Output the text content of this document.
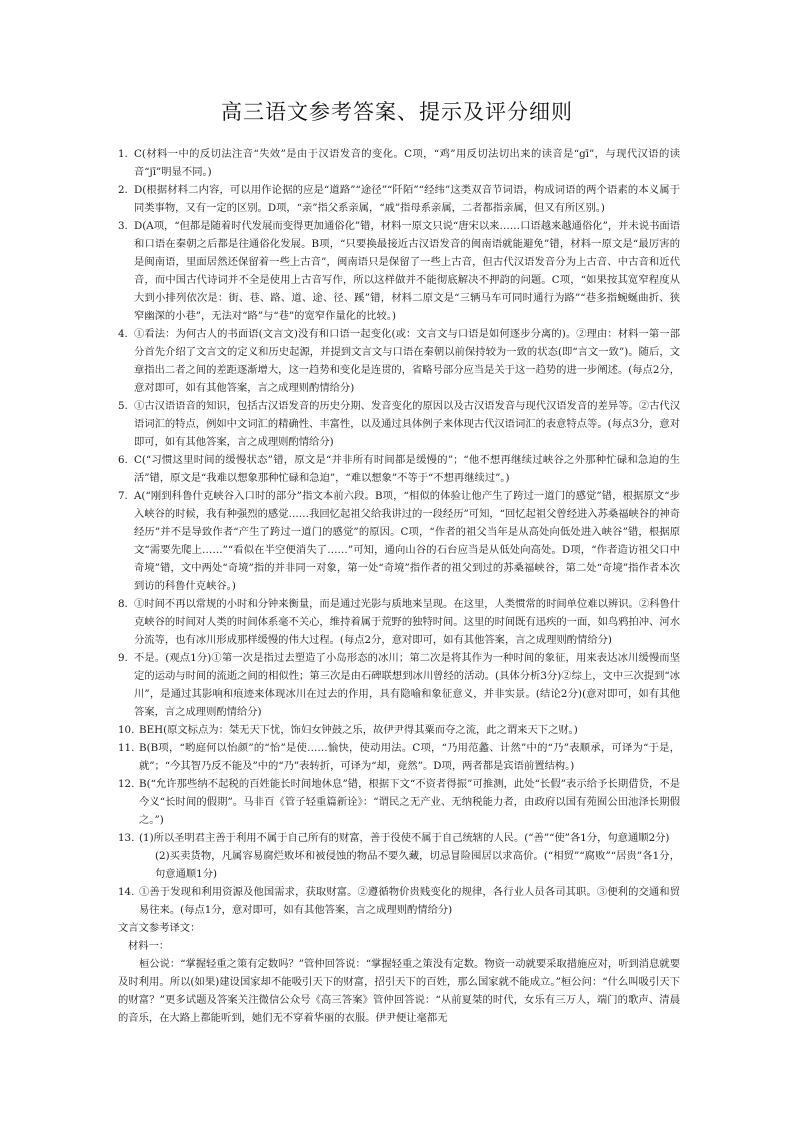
高三语文参考答案、提示及评分细则
1. C(材料一中的反切法注音“失效”是由于汉语发音的变化。C项，“鸡”用反切法切出来的读音是“gī”，与现代汉语的读音“jī”明显不同。)
2. D(根据材料二内容，可以用作论据的应是“道路”“途径”“阡陌”“经纬”这类双音节词语，构成词语的两个语素的本义属于同类事物，又有一定的区别。D项，“亲”指父系亲属，“戚”指母系亲属，二者都指亲属，但又有所区别。)
3. D(A项，“但都是随着时代发展而变得更加通俗化”错，材料一原文只说“唐宋以来……口语越来越通俗化”，并未说书面语和口语在秦朝之后都是往通俗化发展。B项，“只要换最接近古汉语发音的闽南语就能避免”错，材料一原文是“最厉害的是闽南语，里面居然还保留着一些上古音”，闽南语只是保留了一些上古音，但古代汉语发音分为上古音、中古音和近代音，而中国古代诗词并不全是使用上古音写作，所以这样做并不能彻底解决不押韵的问题。C项，“如果按其宽窄程度从大到小排列依次是：街、巷、路、道、途、径、蹊”错，材料二原文是“三辆马车可同时通行为路”“巷多指蜿蜒曲折、狭窄幽深的小巷”，无法对“路”与“巷”的宽窄作量化的比较。)
4. ①看法：为何古人的书面语(文言文)没有和口语一起变化(或：文言文与口语是如何逐步分离的)。②理由：材料一第一部分首先介绍了文言文的定义和历史起源，并提到文言文与口语在秦朝以前保持较为一致的状态(即“言文一致”)。随后，文章指出二者之间的差距逐渐增大，这一趋势和变化是连贯的，省略号部分应当是关于这一趋势的进一步阐述。(每点2分，意对即可，如有其他答案，言之成理则酌情给分)
5. ①古汉语语音的知识，包括古汉语发音的历史分期、发音变化的原因以及古汉语发音与现代汉语发音的差异等。②古代汉语词汇的特点，例如中文词汇的精确性、丰富性，以及通过具体例子来体现古代汉语词汇的表意特点等。(每点3分，意对即可，如有其他答案，言之成理则酌情给分)
6. C(“习惯这里时间的缓慢状态”错，原文是“并非所有时间都是缓慢的”；“他不想再继续过峡谷之外那种忙碌和急迫的生活”错，原文是“我难以想象那种忙碌和急迫”，“难以想象”不等于“不想再继续过”。)
7. A(“刚到科鲁什克峡谷入口时的部分”指文本前六段。B项，“相似的体验让他产生了跨过一道门的感觉”错，根据原文“步入峡谷的时候，我有种强烈的感觉……我回忆起祖父给我讲过的一段经历”可知，“回忆起祖父曾经进入苏桑福峡谷的神奇经历”并不是导致作者“产生了跨过一道门的感觉”的原因。C项，“作者的祖父当年是从高处向低处进入峡谷”错，根据原文“需要先爬上……”“看似在半空便消失了……”可知，通向山谷的石台应当是从低处向高处。D项，“作者造访祖父口中奇境”错，文中两处“奇境”指的并非同一对象，第一处“奇境”指作者的祖父到过的苏桑福峡谷，第二处“奇境”指作者本次到访的科鲁什克峡谷。)
8. ①时间不再以常规的小时和分钟来衡量，而是通过光影与质地来呈现。在这里，人类惯常的时间单位难以辨识。②科鲁什克峡谷的时间对人类的时间体系毫不关心，维持着属于荒野的独特时间。这里的时间既有迅疾的一面，如鸟鸦拍冲、河水分流等，也有冰川形成那样缓慢的伟大过程。(每点2分，意对即可，如有其他答案，言之成理则酌情给分)
9. 不是。(观点1分)①第一次是指过去塑造了小岛形态的冰川；第二次是将其作为一种时间的象征，用来表达冰川缓慢而坚定的运动与时间的流逝之间的相似性；第三次是由石碑联想到冰川曾经的活动。(具体分析3分)②综上，文中三次提到“冰川”，是通过其影响和痕迹来体现冰川在过去的作用，具有隐喻和象征意义，并非实景。(结论2分)(意对即可，如有其他答案，言之成理则酌情给分)
10. BEH(原文标点为：桀无天下忧，饰妇女钟鼓之乐，故伊尹得其粟而夺之流，此之谓来天下之财。)
11. B(B项，“哟庭何以怡颜”的“怡”是使……愉快，使动用法。C项，“乃用范蠡、计然”中的“乃”表顺承，可译为“于是，就”；“今其智乃反不能及”中的“乃”表转折，可译为“却，竟然”。D项，两者都是宾语前置结构。)
12. B(“允许那些纳不起税的百姓能长时间地休息”错，根据下文“不资者得振”可推测，此处“长假”表示给予长期借贷，不是今义“长时间的假期”。马非百《管子轻重篇新诠》：“谓民之无产业、无纳税能力者，由政府以国有苑囿公田池泽长期假之。”)
13. (1)所以圣明君主善于利用不属于自己所有的财富，善于役使不属于自己统辖的人民。(“善”“使”各1分，句意通顺2分)
(2)买卖货物，凡属容易腐烂败坏和被侵蚀的物品不要久藏，切忌冒险囤居以求高价。(“相贸”“腐败”“居贵”各1分，句意通顺1分)
14. ①善于发现和利用资源及他国需求，获取财富。②遵循物价贵贱变化的规律，各行业人员各司其职。③便利的交通和贸易往来。(每点1分，意对即可，如有其他答案，言之成理则酌情给分)

文言文参考译文：

材料一：

桓公说：“掌握轻重之策有定数吗？”管仲回答说：“掌握轻重之策没有定数。物资一动就要采取措施应对，听到消息就要及时利用。所以(如果)建设国家却不能吸引天下的财富，招引天下的百姓，那么国家就不能成立。”桓公问：“什么叫吸引天下的财富？”更多试题及答案关注微信公众号《高三答案》管仲回答说：“从前夏桀的时代，女乐有三万人，端门的歌声、清晨的音乐，在大路上都能听到，她们无不穿着华丽的衣服。伊尹便让毫都无
